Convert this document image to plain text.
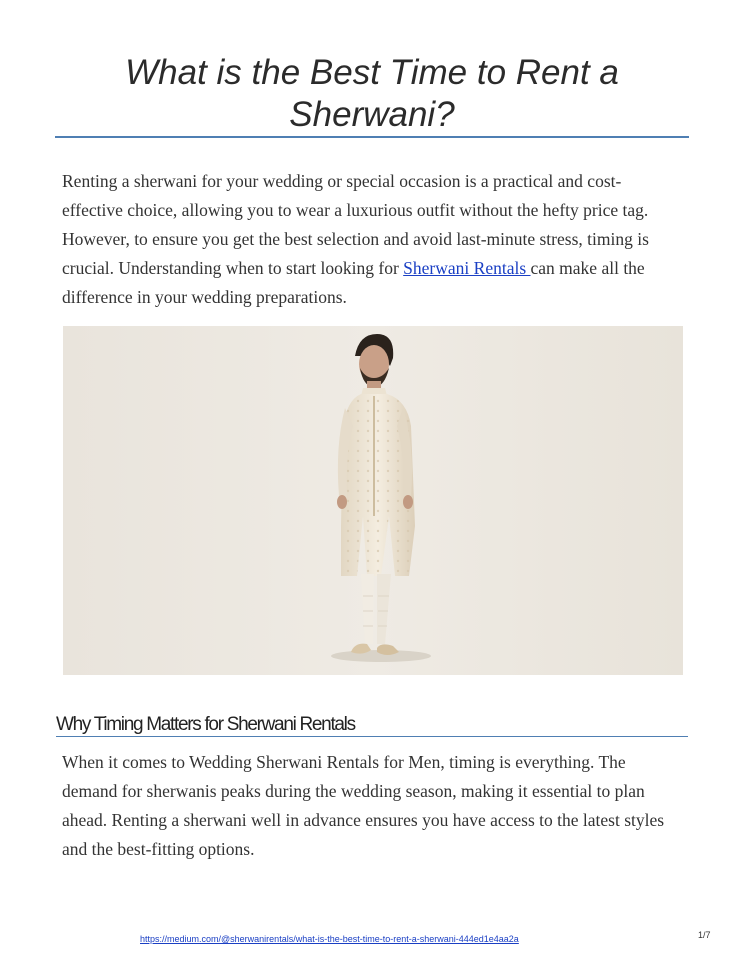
What is the Best Time to Rent a Sherwani?

Renting a sherwani for your wedding or special occasion is a practical and cost-effective choice, allowing you to wear a luxurious outfit without the hefty price tag. However, to ensure you get the best selection and avoid last-minute stress, timing is crucial. Understanding when to start looking for Sherwani Rentals can make all the difference in your wedding preparations.

Why Timing Matters for Sherwani Rentals

When it comes to Wedding Sherwani Rentals for Men, timing is everything. The demand for sherwanis peaks during the wedding season, making it essential to plan ahead. Renting a sherwani well in advance ensures you have access to the latest styles and the best-fitting options.

https://medium.com/@sherwanirentals/what-is-the-best-time-to-rent-a-sherwani-444ed1e4aa2a	1/7
